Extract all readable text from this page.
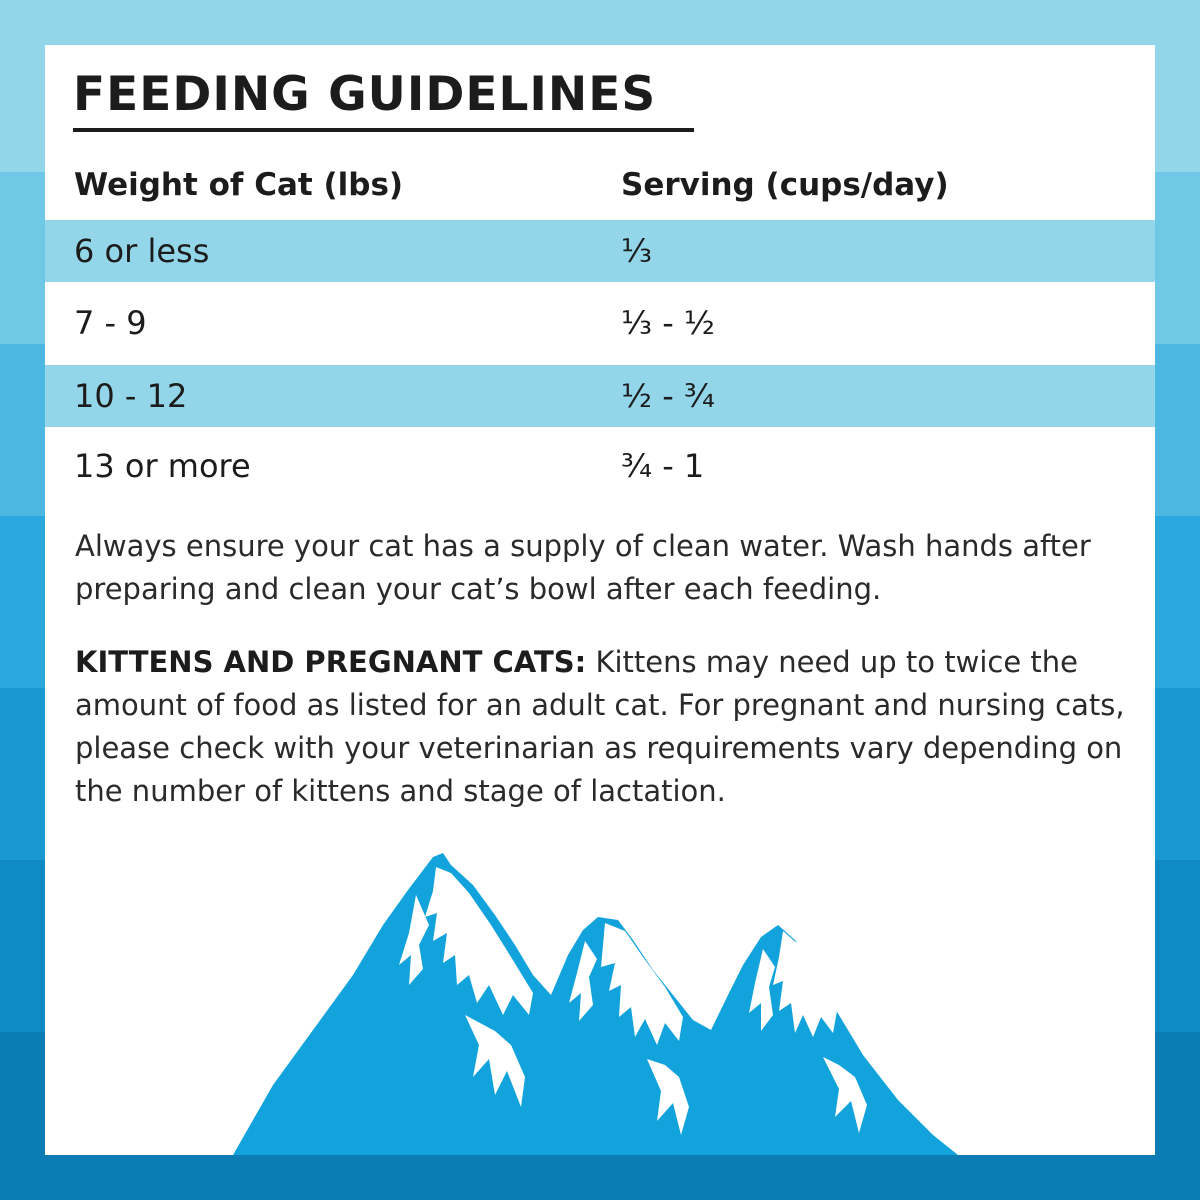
FEEDING GUIDELINES
Weight of Cat (lbs)	Serving (cups/day)
6 or less	⅓
7 - 9	⅓ - ½
10 - 12	½ - ¾
13 or more	¾ - 1

Always ensure your cat has a supply of clean water. Wash hands after preparing and clean your cat’s bowl after each feeding.

KITTENS AND PREGNANT CATS: Kittens may need up to twice the amount of food as listed for an adult cat. For pregnant and nursing cats, please check with your veterinarian as requirements vary depending on the number of kittens and stage of lactation.
